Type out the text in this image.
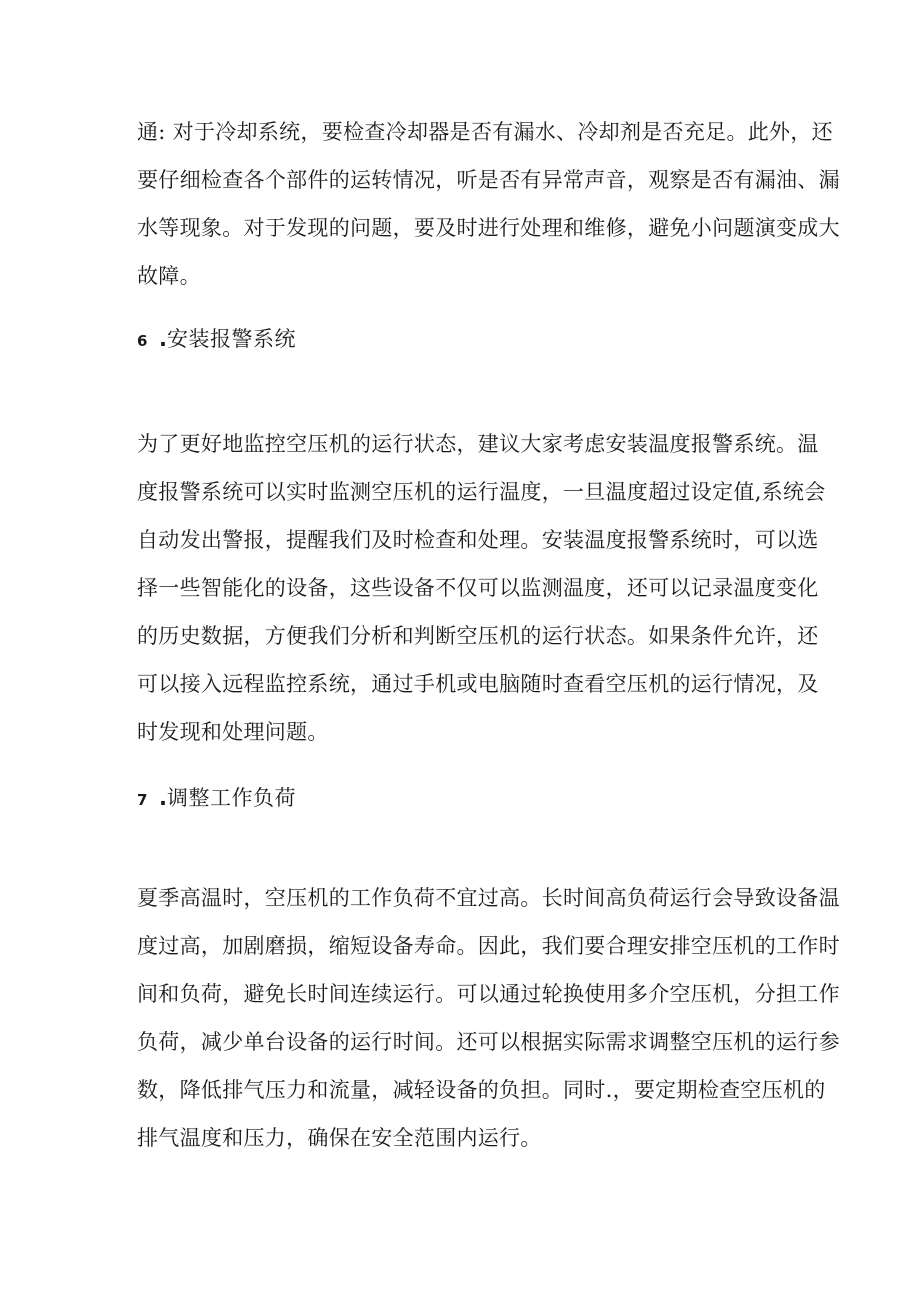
通: 对于冷却系统，要检查冷却器是否有漏水、冷却剂是否充足。此外，还
要仔细检查各个部件的运转情况，听是否有异常声音，观察是否有漏油、漏
水等现象。对于发现的问题，要及时进行处理和维修，避免小问题演变成大
故障。

6 .安装报警系统

为了更好地监控空压机的运行状态，建议大家考虑安装温度报警系统。温
度报警系统可以实时监测空压机的运行温度，一旦温度超过设定值,系统会
自动发出警报，提醒我们及时检查和处理。安装温度报警系统时，可以选
择一些智能化的设备，这些设备不仅可以监测温度，还可以记录温度变化
的历史数据，方便我们分析和判断空压机的运行状态。如果条件允许，还
可以接入远程监控系统，通过手机或电脑随时查看空压机的运行情况，及
时发现和处理问题。

7 .调整工作负荷

夏季高温时，空压机的工作负荷不宜过高。长时间高负荷运行会导致设备温
度过高，加剧磨损，缩短设备寿命。因此，我们要合理安排空压机的工作时
间和负荷，避免长时间连续运行。可以通过轮换使用多介空压机，分担工作
负荷，减少单台设备的运行时间。还可以根据实际需求调整空压机的运行参
数，降低排气压力和流量，减轻设备的负担。同时.，要定期检查空压机的
排气温度和压力，确保在安全范围内运行。
